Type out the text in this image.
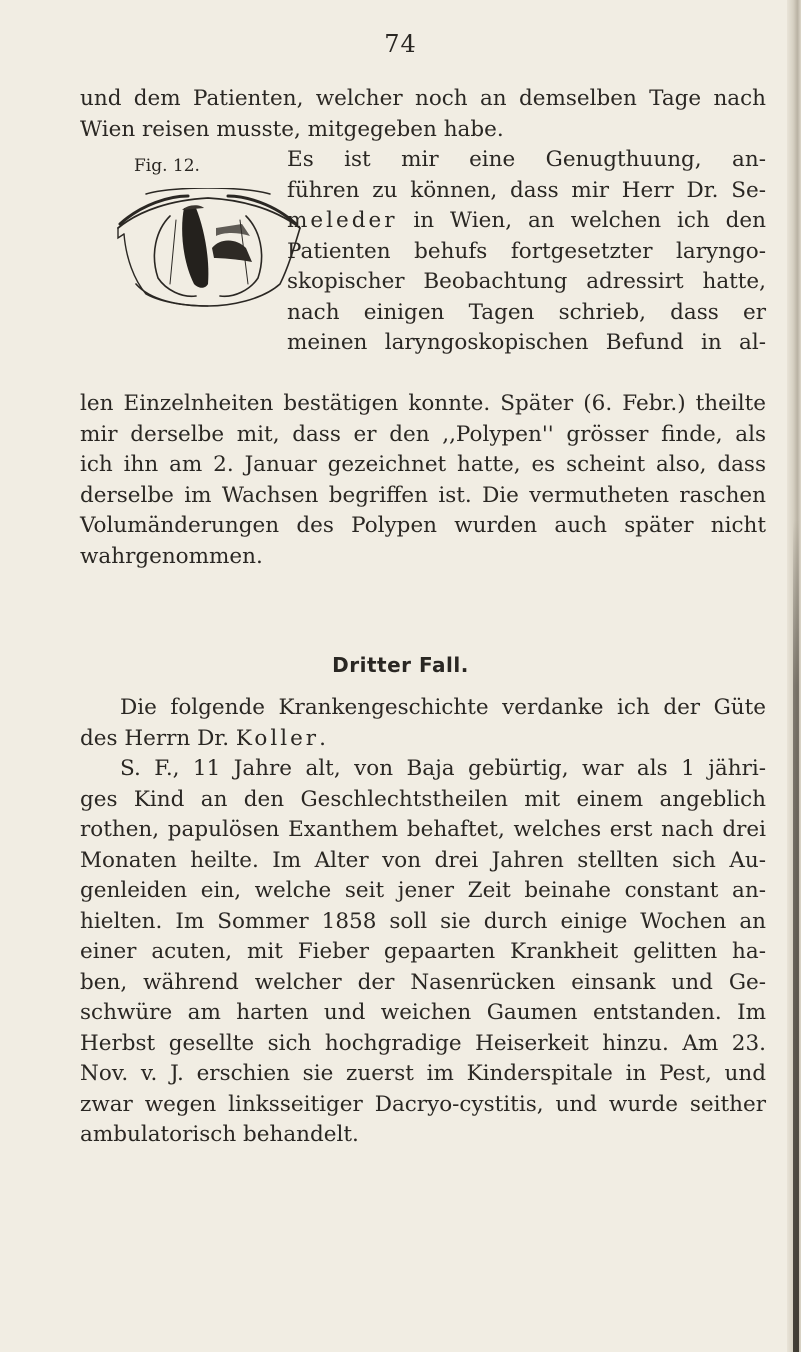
74
und dem Patienten, welcher noch an demselben Tage nach
Wien reisen musste, mitgegeben habe.
Fig. 12.	Es ist mir eine Genugthuung, an-
führen zu können, dass mir Herr Dr. Se-
meleder in Wien, an welchen ich den
Patienten behufs fortgesetzter laryngo-
skopischer Beobachtung adressirt hatte,
nach einigen Tagen schrieb, dass er
meinen laryngoskopischen Befund in al-
len Einzelnheiten bestätigen konnte. Später (6. Febr.) theilte
mir derselbe mit, dass er den ,,Polypen'' grösser finde, als
ich ihn am 2. Januar gezeichnet hatte, es scheint also, dass
derselbe im Wachsen begriffen ist. Die vermutheten raschen
Volumänderungen des Polypen wurden auch später nicht
wahrgenommen.
Dritter Fall.
Die folgende Krankengeschichte verdanke ich der Güte
des Herrn Dr. Koller.
S. F., 11 Jahre alt, von Baja gebürtig, war als 1 jähri-
ges Kind an den Geschlechtstheilen mit einem angeblich
rothen, papulösen Exanthem behaftet, welches erst nach drei
Monaten heilte. Im Alter von drei Jahren stellten sich Au-
genleiden ein, welche seit jener Zeit beinahe constant an-
hielten. Im Sommer 1858 soll sie durch einige Wochen an
einer acuten, mit Fieber gepaarten Krankheit gelitten ha-
ben, während welcher der Nasenrücken einsank und Ge-
schwüre am harten und weichen Gaumen entstanden. Im
Herbst gesellte sich hochgradige Heiserkeit hinzu. Am 23.
Nov. v. J. erschien sie zuerst im Kinderspitale in Pest, und
zwar wegen linksseitiger Dacryo-cystitis, und wurde seither
ambulatorisch behandelt.
